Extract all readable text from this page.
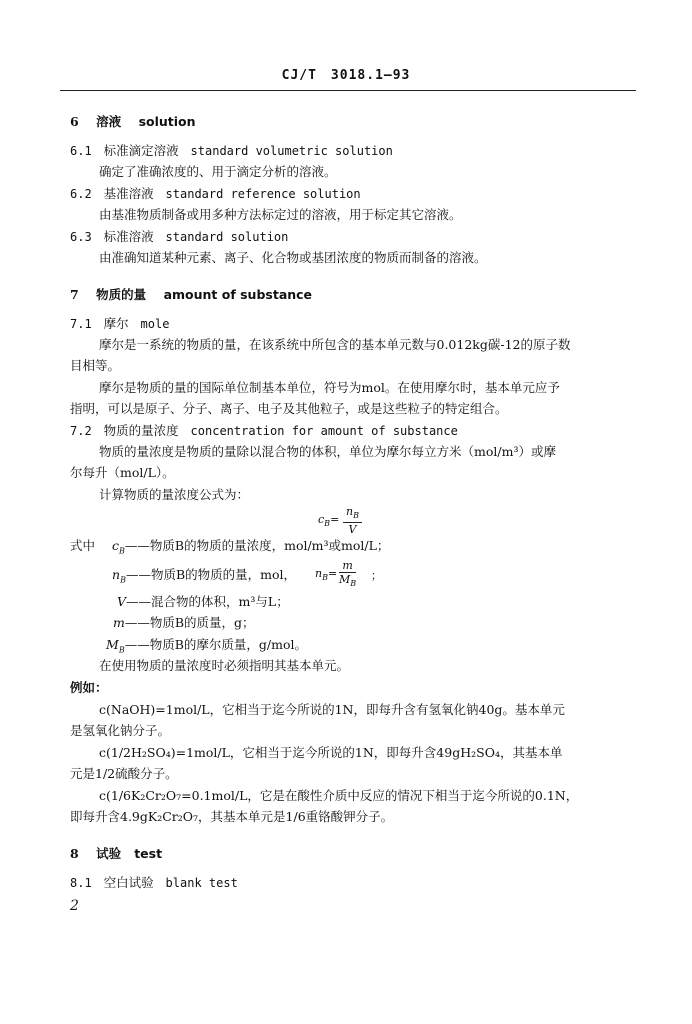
CJ/T　3018.1—93
6 溶液 solution
6.1 标准滴定溶液 standard volumetric solution
确定了准确浓度的、用于滴定分析的溶液。
6.2 基准溶液 standard reference solution
由基准物质制备或用多种方法标定过的溶液，用于标定其它溶液。
6.3 标准溶液 standard solution
由准确知道某种元素、离子、化合物或基团浓度的物质而制备的溶液。
7 物质的量 amount of substance
7.1 摩尔 mole
摩尔是一系统的物质的量，在该系统中所包含的基本单元数与0.012kg碳-12的原子数
目相等。
摩尔是物质的量的国际单位制基本单位，符号为mol。在使用摩尔时，基本单元应予
指明，可以是原子、分子、离子、电子及其他粒子，或是这些粒子的特定组合。
7.2 物质的量浓度 concentration for amount of substance
物质的量浓度是物质的量除以混合物的体积，单位为摩尔每立方米（mol/m³）或摩
尔每升（mol/L）。
计算物质的量浓度公式为：
$c_B= \frac{n_B}{V}$
式中 $c_B——$物质B的物质的量浓度，mol/m³或mol/L；
$n_B——$物质B的物质的量，mol， $n_B= \frac{m}{M_B}$ ；
V——混合物的体积，m³与L；
m——物质B的质量，g；
$M_B——$物质B的摩尔质量，g/mol。
在使用物质的量浓度时必须指明其基本单元。
例如：
c(NaOH)=1mol/L，它相当于迄今所说的1N，即每升含有氢氧化钠40g。基本单元
是氢氧化钠分子。
c(1/2H₂SO₄)=1mol/L，它相当于迄今所说的1N，即每升含49gH₂SO₄，其基本单
元是1/2硫酸分子。
c(1/6K₂Cr₂O₇=0.1mol/L，它是在酸性介质中反应的情况下相当于迄今所说的0.1N，
即每升含4.9gK₂Cr₂O₇，其基本单元是1/6重铬酸钾分子。
8 试验 test
8.1 空白试验 blank test
2
